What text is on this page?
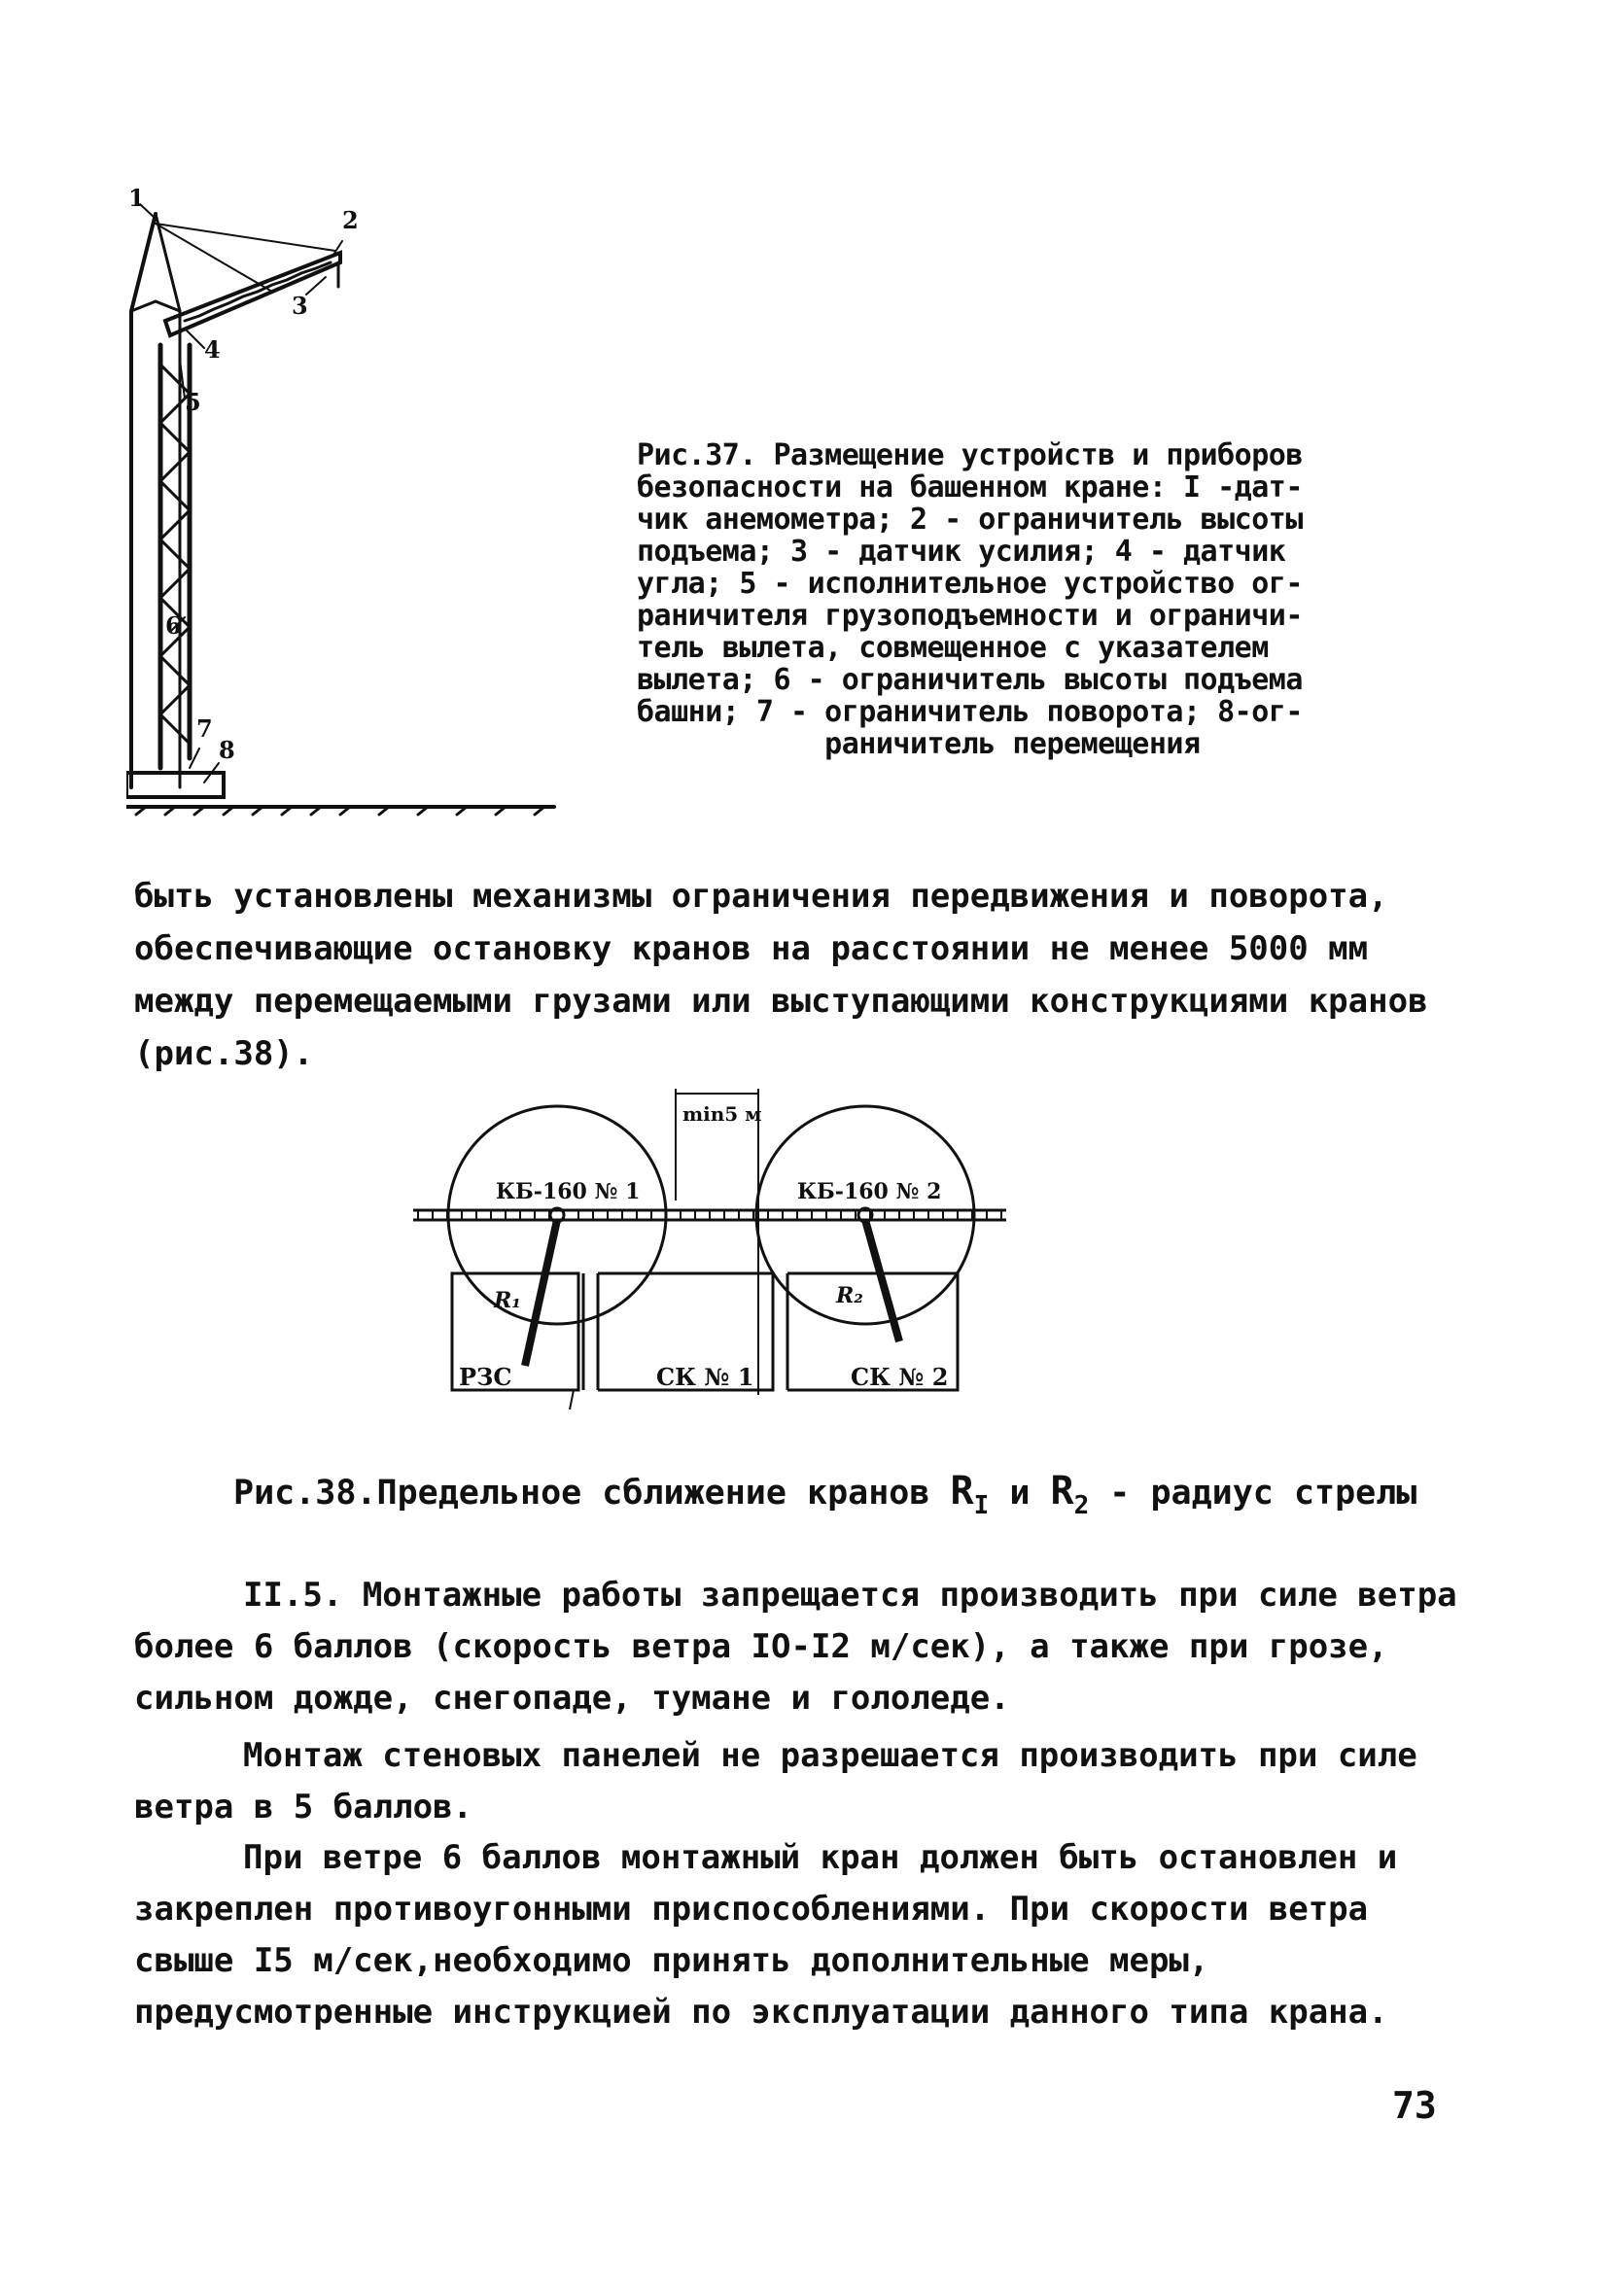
1
2
3
4
5
6
7
8
Рис.37. Размещение устройств и приборов
безопасности на башенном кране: I -дат-
чик анемометра; 2 - ограничитель высоты
подъема; 3 - датчик усилия; 4 - датчик
угла; 5 - исполнительное устройство ог-
раничителя грузоподъемности и ограничи-
тель вылета, совмещенное с указателем
вылета; 6 - ограничитель высоты подъема
башни; 7 - ограничитель поворота; 8-ог-
раничитель перемещения
быть установлены механизмы ограничения передвижения и поворота, обеспечивающие остановку кранов на расстоянии не менее 5000 мм между перемещаемыми грузами или выступающими конструкциями кранов (рис.38).
min5 м
КБ-160 № 1	КБ-160 № 2
R₁	R₂
РЗС	СК № 1	СК № 2
Рис.38.Предельное сближение кранов $R_I$ и $R_2$ - радиус стрелы
II.5. Монтажные работы запрещается производить при силе ветра более 6 баллов (скорость ветра IO-I2 м/сек), а также при грозе, сильном дожде, снегопаде, тумане и гололеде.
Монтаж стеновых панелей не разрешается производить при силе ветра в 5 баллов.
При ветре 6 баллов монтажный кран должен быть остановлен и закреплен противоугонными приспособлениями. При скорости ветра свыше I5 м/сек,необходимо принять дополнительные меры, предусмотренные инструкцией по эксплуатации данного типа крана.
73
